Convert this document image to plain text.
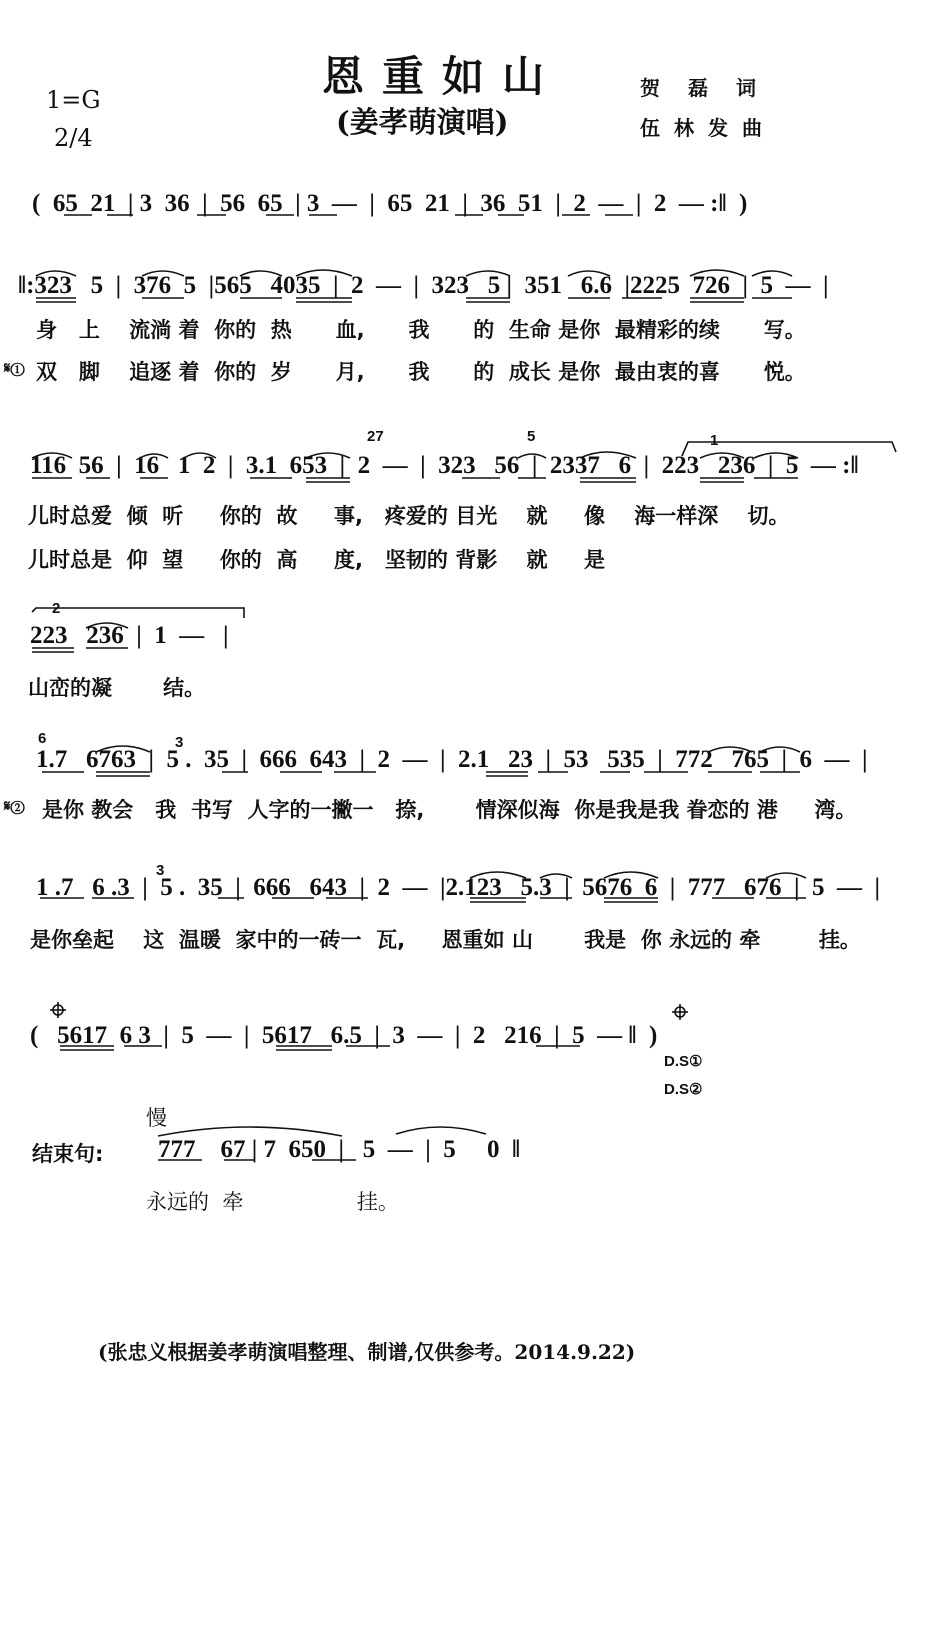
恩重如山
(姜孝萌演唱)
1=G
2/4
贺磊词
伍林发曲
(  65  21  | 3  36  |  56  65  | 3  —  |  65  21  |  36  51  |  2  —  |  2  — :‖  )
‖:323   5  |  376  5  |565   4035  |  2  —  |  323   5 |  351   6.6  |2225  726  |  5  —  |
身   上    流淌 着  你的  热      血,      我      的  生命 是你  最精彩的续      写。
𝄋① 双   脚    追逐 着  你的  岁      月,      我      的  成长 是你  最由衷的喜      悦。
27	5	1
116  56  |  16   1  2  |  3.1  653  |  2  —  |  323   56  |  2337   6  |  223   236  |  5  — :‖
儿时总爱  倾  听     你的  故     事,   疼爱的 目光    就     像    海一样深    切。
儿时总是  仰  望     你的  高     度,   坚韧的 背影    就     是
2
223   236  |  1  —   |
山峦的凝       结。
6	3
1.7   6763  |  5 .  35  |  666  643  |  2  —  |  2.1   23  |  53   535  |  772   765  |  6  —  |
𝄋② 是你 教会   我  书写  人字的一撇一   捺,       情深似海  你是我是我 眷恋的 港     湾。
3
1 .7   6 .3  |  5 .  35  |  666   643  |  2  —  |2.123   5.3  |  5676  6  |  777   676  |  5  —  |
是你垒起    这  温暖  家中的一砖一  瓦,     恩重如 山       我是  你 永远的 牵        挂。
(   5617  6 3  |  5  —  |  5617   6.5  |  3  —  |  2   216  |  5  — ‖  )
D.S①
D.S②
慢
结束句: 777    67 | 7  650  |   5  —  |  5     0  ‖
永远的  牵                 挂。
(张忠义根据姜孝萌演唱整理、制谱,仅供参考。2014.9.22)
